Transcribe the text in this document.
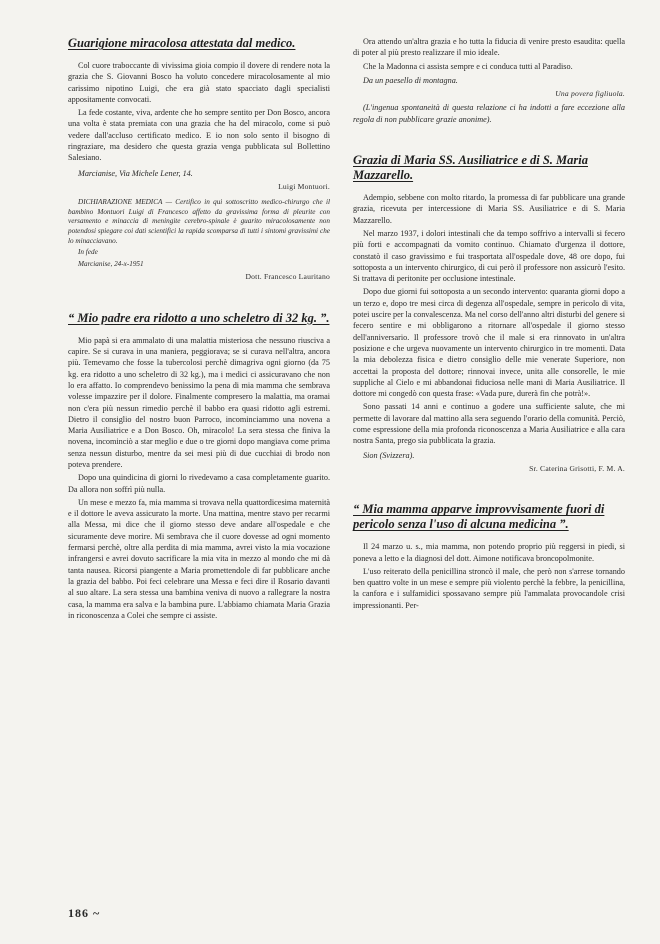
Guarigione miracolosa attestata dal medico.

Col cuore traboccante di vivissima gioia compio il dovere di rendere nota la grazia che S. Giovanni Bosco ha voluto concedere miracolosamente al mio carissimo nipotino Luigi, che era già stato spacciato dagli specialisti appositamente convocati.

La fede costante, viva, ardente che ho sempre sentito per Don Bosco, ancora una volta è stata premiata con una grazia che ha del miracolo, come si può vedere dall'accluso certificato medico. E io non solo sento il bisogno di ringraziare, ma desidero che questa grazia venga pubblicata sul Bollettino Salesiano.

Marcianise, Via Michele Lener, 14.

Luigi Montuori.

DICHIARAZIONE MEDICA — Certifico in qui sottoscritto medico-chirurgo che il bambino Montuori Luigi di Francesco affetto da gravissima forma di pleurite con versamento e minaccia di meningite cerebro-spinale è guarito miracolosamente non potendosi spiegare coi dati scientifici la rapida scomparsa di tutti i sintomi gravissimi che lo minacciavano.

In fede

Marcianise, 24-x-1951

Dott. Francesco Lauritano

“ Mio padre era ridotto a uno scheletro di 32 kg. ”.

Mio papà si era ammalato di una malattia misteriosa che nessuno riusciva a capire. Se si curava in una maniera, peggiorava; se si curava nell'altra, ancora più. Temevamo che fosse la tubercolosi perchè dimagriva ogni giorno (da 75 kg. era ridotto a uno scheletro di 32 kg.), ma i medici ci assicuravano che non lo era affatto. Io comprendevo benissimo la pena di mia mamma che sembrava volesse impazzire per il dolore. Finalmente compresero la malattia, ma oramai non c'era più nessun rimedio perchè il babbo era quasi ridotto agli estremi. Dietro il consiglio del nostro buon Parroco, incominciammo una novena a Maria Ausiliatrice e a Don Bosco. Oh, miracolo! La sera stessa che finiva la novena, incominciò a star meglio e due o tre giorni dopo mangiava come prima senza nessun disturbo, mentre da sei mesi più di due cucchiai di brodo non poteva prendere.

Dopo una quindicina di giorni lo rivedevamo a casa completamente guarito. Da allora non soffrì più nulla.

Un mese e mezzo fa, mia mamma si trovava nella quattordicesima maternità e il dottore le aveva assicurato la morte. Una mattina, mentre stavo per recarmi alla Messa, mi dice che il giorno stesso deve andare all'ospedale e che sicuramente deve morire. Mi sembrava che il cuore dovesse ad ogni momento fermarsi perchè, oltre alla perdita di mia mamma, avrei visto la mia vocazione infrangersi e avrei dovuto sacrificare la mia vita in mezzo al mondo che mi dà tanta nausea. Ricorsi piangente a Maria promettendole di far pubblicare anche la grazia del babbo. Poi feci celebrare una Messa e feci dire il Rosario davanti al suo altare. La sera stessa una bambina veniva di nuovo a rallegrare la nostra casa, la mamma era salva e la bambina pure. L'abbiamo chiamata Maria Grazia in riconoscenza a Colei che sempre ci assiste.

Ora attendo un'altra grazia e ho tutta la fiducia di venire presto esaudita: quella di poter al più presto realizzare il mio ideale.

Che la Madonna ci assista sempre e ci conduca tutti al Paradiso.

Da un paesello di montagna.

Una povera figliuola.

(L'ingenua spontaneità di questa relazione ci ha indotti a fare eccezione alla regola di non pubblicare grazie anonime).

Grazia di Maria SS. Ausiliatrice e di S. Maria Mazzarello.

Adempio, sebbene con molto ritardo, la promessa di far pubblicare una grande grazia, ricevuta per intercessione di Maria SS. Ausiliatrice e di S. Maria Mazzarello.

Nel marzo 1937, i dolori intestinali che da tempo soffrivo a intervalli si fecero più forti e accompagnati da vomito continuo. Chiamato d'urgenza il dottore, constatò il caso gravissimo e fui trasportata all'ospedale dove, 48 ore dopo, fui sottoposta a un intervento chirurgico, di cui però il professore non assicurò l'esito. Si trattava di peritonite per occlusione intestinale.

Dopo due giorni fui sottoposta a un secondo intervento: quaranta giorni dopo a un terzo e, dopo tre mesi circa di degenza all'ospedale, sempre in pericolo di vita, potei uscire per la convalescenza. Ma nel corso dell'anno altri disturbi del genere si fecero sentire e mi obbligarono a ritornare all'ospedale il giorno stesso dell'anniversario. Il professore trovò che il male si era rinnovato in un'altra posizione e che urgeva nuovamente un intervento chirurgico in tre momenti. Data la mia debolezza fisica e dietro consiglio delle mie venerate Superiore, non accettai la proposta del dottore; rinnovai invece, unita alle consorelle, le mie suppliche al Cielo e mi abbandonai fiduciosa nelle mani di Maria Ausiliatrice. Il dottore mi congedò con questa frase: «Vada pure, durerà fin che potrà!».

Sono passati 14 anni e continuo a godere una sufficiente salute, che mi permette di lavorare dal mattino alla sera seguendo l'orario della comunità. Perciò, come espressione della mia profonda riconoscenza a Maria Ausiliatrice e alla cara nostra Santa, prego sia pubblicata la grazia.

Sion (Svizzera).

Sr. Caterina Grisotti, F. M. A.

“ Mia mamma apparve improvvisamente fuori di pericolo senza l'uso di alcuna medicina ”.

Il 24 marzo u. s., mia mamma, non potendo proprio più reggersi in piedi, si poneva a letto e la diagnosi del dott. Aimone notificava broncopolmonite.

L'uso reiterato della penicillina stroncò il male, che però non s'arrese tornando ben quattro volte in un mese e sempre più violento perchè la febbre, la penicillina, la canfora e i sulfamidici spossavano sempre più l'ammalata provocandole crisi impressionanti. Per-

186 ~
